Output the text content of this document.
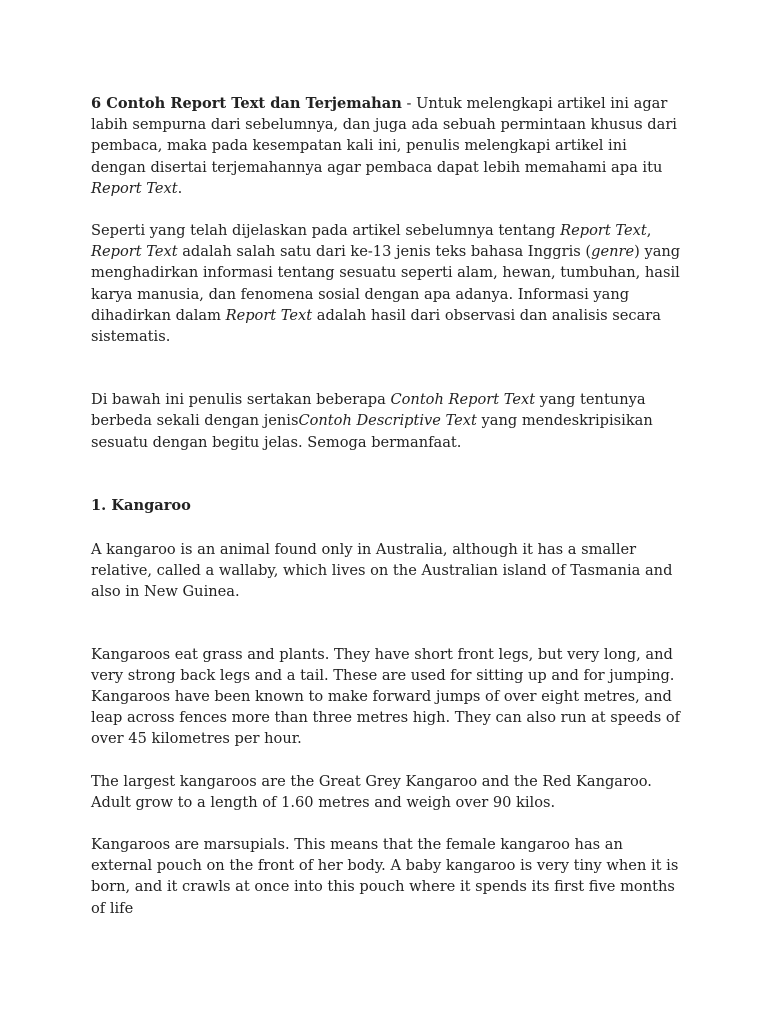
6 Contoh Report Text dan Terjemahan - Untuk melengkapi artikel ini agar labih sempurna dari sebelumnya, dan juga ada sebuah permintaan khusus dari pembaca, maka pada kesempatan kali ini, penulis melengkapi artikel ini dengan disertai terjemahannya agar pembaca dapat lebih memahami apa itu Report Text.

Seperti yang telah dijelaskan pada artikel sebelumnya tentang Report Text, Report Text adalah salah satu dari ke-13 jenis teks bahasa Inggris (genre) yang menghadirkan informasi tentang sesuatu seperti alam, hewan, tumbuhan, hasil karya manusia, dan fenomena sosial dengan apa adanya. Informasi yang dihadirkan dalam Report Text adalah hasil dari observasi dan analisis secara sistematis.

Di bawah ini penulis sertakan beberapa Contoh Report Text yang tentunya berbeda sekali dengan jenisContoh Descriptive Text yang mendeskripisikan sesuatu dengan begitu jelas. Semoga bermanfaat.

1. Kangaroo

A kangaroo is an animal found only in Australia, although it has a smaller relative, called a wallaby, which lives on the Australian island of Tasmania and also in New Guinea.

Kangaroos eat grass and plants. They have short front legs, but very long, and very strong back legs and a tail. These are used for sitting up and for jumping. Kangaroos have been known to make forward jumps of over eight metres, and leap across fences more than three metres high. They can also run at speeds of over 45 kilometres per hour.

The largest kangaroos are the Great Grey Kangaroo and the Red Kangaroo. Adult grow to a length of 1.60 metres and weigh over 90 kilos.

Kangaroos are marsupials. This means that the female kangaroo has an external pouch on the front of her body. A baby kangaroo is very tiny when it is born, and it crawls at once into this pouch where it spends its first five months of life
